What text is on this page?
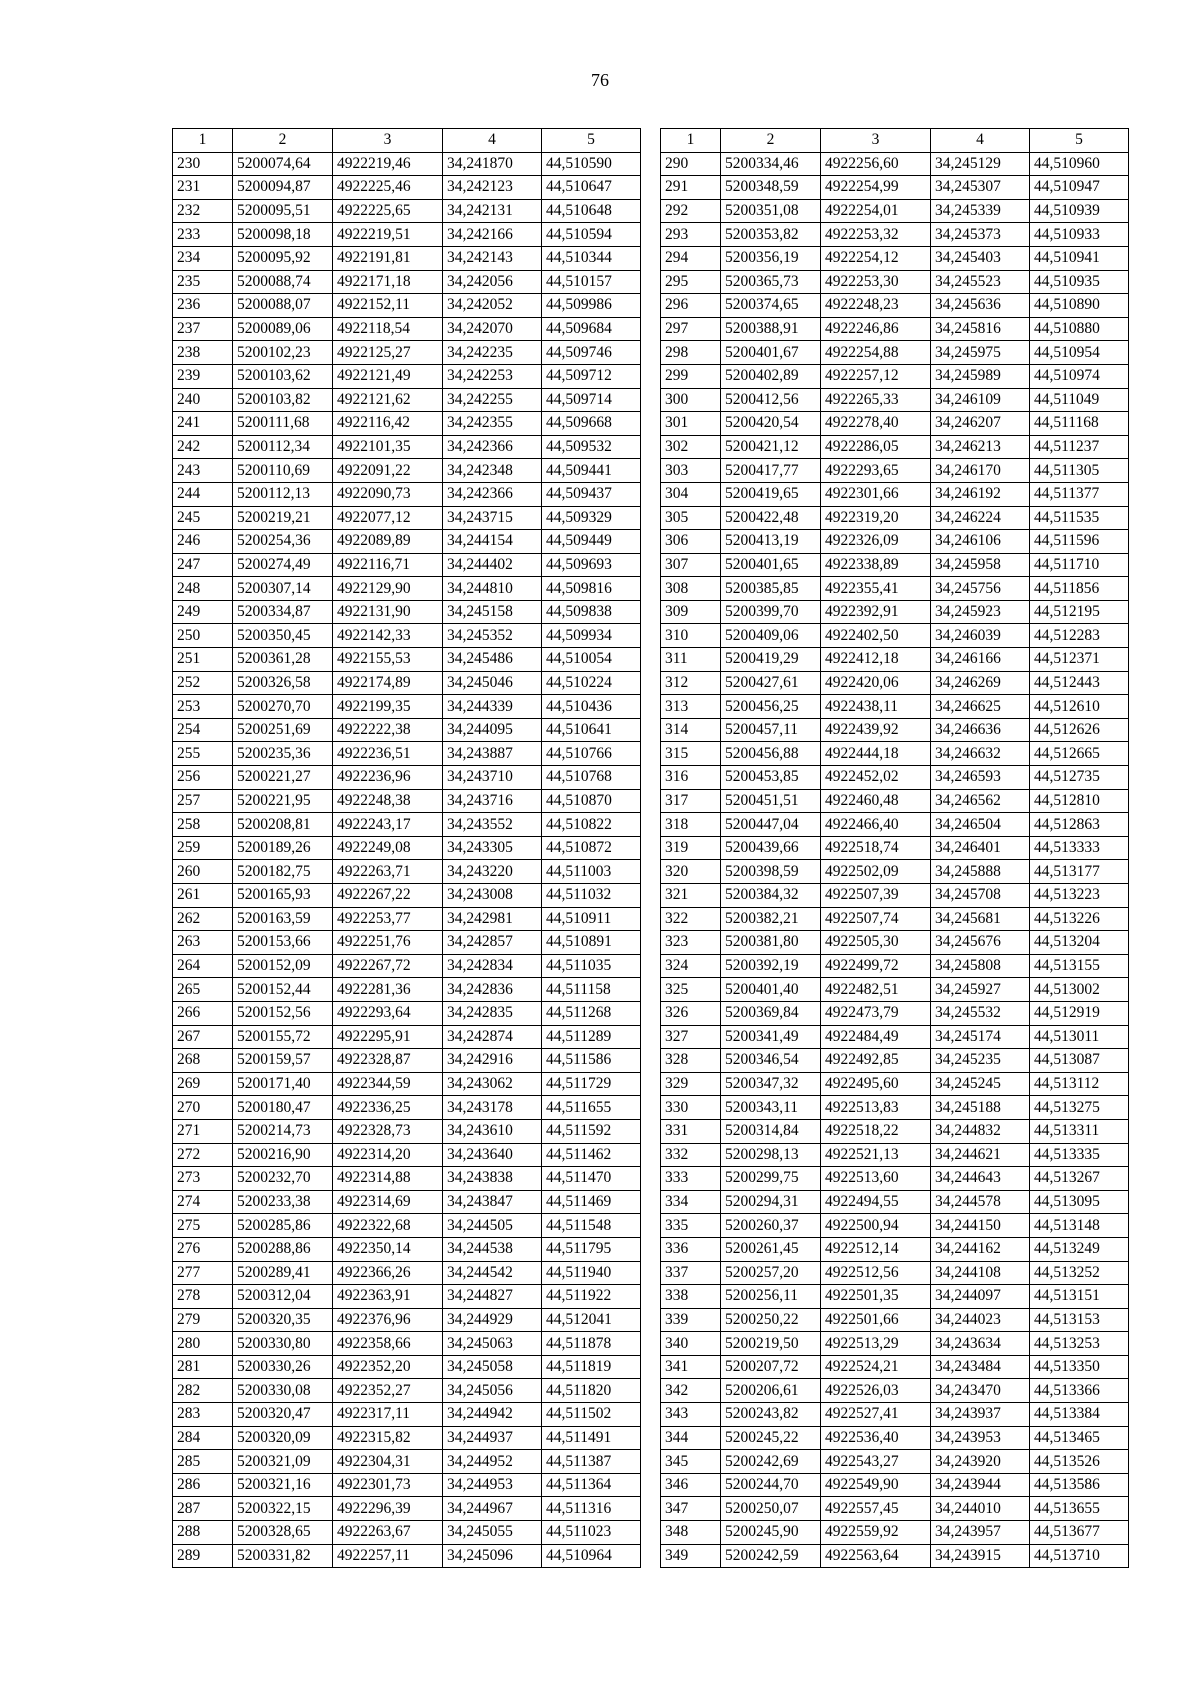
76
1	2	3	4	5
230	5200074,64	4922219,46	34,241870	44,510590
231	5200094,87	4922225,46	34,242123	44,510647
232	5200095,51	4922225,65	34,242131	44,510648
233	5200098,18	4922219,51	34,242166	44,510594
234	5200095,92	4922191,81	34,242143	44,510344
235	5200088,74	4922171,18	34,242056	44,510157
236	5200088,07	4922152,11	34,242052	44,509986
237	5200089,06	4922118,54	34,242070	44,509684
238	5200102,23	4922125,27	34,242235	44,509746
239	5200103,62	4922121,49	34,242253	44,509712
240	5200103,82	4922121,62	34,242255	44,509714
241	5200111,68	4922116,42	34,242355	44,509668
242	5200112,34	4922101,35	34,242366	44,509532
243	5200110,69	4922091,22	34,242348	44,509441
244	5200112,13	4922090,73	34,242366	44,509437
245	5200219,21	4922077,12	34,243715	44,509329
246	5200254,36	4922089,89	34,244154	44,509449
247	5200274,49	4922116,71	34,244402	44,509693
248	5200307,14	4922129,90	34,244810	44,509816
249	5200334,87	4922131,90	34,245158	44,509838
250	5200350,45	4922142,33	34,245352	44,509934
251	5200361,28	4922155,53	34,245486	44,510054
252	5200326,58	4922174,89	34,245046	44,510224
253	5200270,70	4922199,35	34,244339	44,510436
254	5200251,69	4922222,38	34,244095	44,510641
255	5200235,36	4922236,51	34,243887	44,510766
256	5200221,27	4922236,96	34,243710	44,510768
257	5200221,95	4922248,38	34,243716	44,510870
258	5200208,81	4922243,17	34,243552	44,510822
259	5200189,26	4922249,08	34,243305	44,510872
260	5200182,75	4922263,71	34,243220	44,511003
261	5200165,93	4922267,22	34,243008	44,511032
262	5200163,59	4922253,77	34,242981	44,510911
263	5200153,66	4922251,76	34,242857	44,510891
264	5200152,09	4922267,72	34,242834	44,511035
265	5200152,44	4922281,36	34,242836	44,511158
266	5200152,56	4922293,64	34,242835	44,511268
267	5200155,72	4922295,91	34,242874	44,511289
268	5200159,57	4922328,87	34,242916	44,511586
269	5200171,40	4922344,59	34,243062	44,511729
270	5200180,47	4922336,25	34,243178	44,511655
271	5200214,73	4922328,73	34,243610	44,511592
272	5200216,90	4922314,20	34,243640	44,511462
273	5200232,70	4922314,88	34,243838	44,511470
274	5200233,38	4922314,69	34,243847	44,511469
275	5200285,86	4922322,68	34,244505	44,511548
276	5200288,86	4922350,14	34,244538	44,511795
277	5200289,41	4922366,26	34,244542	44,511940
278	5200312,04	4922363,91	34,244827	44,511922
279	5200320,35	4922376,96	34,244929	44,512041
280	5200330,80	4922358,66	34,245063	44,511878
281	5200330,26	4922352,20	34,245058	44,511819
282	5200330,08	4922352,27	34,245056	44,511820
283	5200320,47	4922317,11	34,244942	44,511502
284	5200320,09	4922315,82	34,244937	44,511491
285	5200321,09	4922304,31	34,244952	44,511387
286	5200321,16	4922301,73	34,244953	44,511364
287	5200322,15	4922296,39	34,244967	44,511316
288	5200328,65	4922263,67	34,245055	44,511023
289	5200331,82	4922257,11	34,245096	44,510964
1	2	3	4	5
290	5200334,46	4922256,60	34,245129	44,510960
291	5200348,59	4922254,99	34,245307	44,510947
292	5200351,08	4922254,01	34,245339	44,510939
293	5200353,82	4922253,32	34,245373	44,510933
294	5200356,19	4922254,12	34,245403	44,510941
295	5200365,73	4922253,30	34,245523	44,510935
296	5200374,65	4922248,23	34,245636	44,510890
297	5200388,91	4922246,86	34,245816	44,510880
298	5200401,67	4922254,88	34,245975	44,510954
299	5200402,89	4922257,12	34,245989	44,510974
300	5200412,56	4922265,33	34,246109	44,511049
301	5200420,54	4922278,40	34,246207	44,511168
302	5200421,12	4922286,05	34,246213	44,511237
303	5200417,77	4922293,65	34,246170	44,511305
304	5200419,65	4922301,66	34,246192	44,511377
305	5200422,48	4922319,20	34,246224	44,511535
306	5200413,19	4922326,09	34,246106	44,511596
307	5200401,65	4922338,89	34,245958	44,511710
308	5200385,85	4922355,41	34,245756	44,511856
309	5200399,70	4922392,91	34,245923	44,512195
310	5200409,06	4922402,50	34,246039	44,512283
311	5200419,29	4922412,18	34,246166	44,512371
312	5200427,61	4922420,06	34,246269	44,512443
313	5200456,25	4922438,11	34,246625	44,512610
314	5200457,11	4922439,92	34,246636	44,512626
315	5200456,88	4922444,18	34,246632	44,512665
316	5200453,85	4922452,02	34,246593	44,512735
317	5200451,51	4922460,48	34,246562	44,512810
318	5200447,04	4922466,40	34,246504	44,512863
319	5200439,66	4922518,74	34,246401	44,513333
320	5200398,59	4922502,09	34,245888	44,513177
321	5200384,32	4922507,39	34,245708	44,513223
322	5200382,21	4922507,74	34,245681	44,513226
323	5200381,80	4922505,30	34,245676	44,513204
324	5200392,19	4922499,72	34,245808	44,513155
325	5200401,40	4922482,51	34,245927	44,513002
326	5200369,84	4922473,79	34,245532	44,512919
327	5200341,49	4922484,49	34,245174	44,513011
328	5200346,54	4922492,85	34,245235	44,513087
329	5200347,32	4922495,60	34,245245	44,513112
330	5200343,11	4922513,83	34,245188	44,513275
331	5200314,84	4922518,22	34,244832	44,513311
332	5200298,13	4922521,13	34,244621	44,513335
333	5200299,75	4922513,60	34,244643	44,513267
334	5200294,31	4922494,55	34,244578	44,513095
335	5200260,37	4922500,94	34,244150	44,513148
336	5200261,45	4922512,14	34,244162	44,513249
337	5200257,20	4922512,56	34,244108	44,513252
338	5200256,11	4922501,35	34,244097	44,513151
339	5200250,22	4922501,66	34,244023	44,513153
340	5200219,50	4922513,29	34,243634	44,513253
341	5200207,72	4922524,21	34,243484	44,513350
342	5200206,61	4922526,03	34,243470	44,513366
343	5200243,82	4922527,41	34,243937	44,513384
344	5200245,22	4922536,40	34,243953	44,513465
345	5200242,69	4922543,27	34,243920	44,513526
346	5200244,70	4922549,90	34,243944	44,513586
347	5200250,07	4922557,45	34,244010	44,513655
348	5200245,90	4922559,92	34,243957	44,513677
349	5200242,59	4922563,64	34,243915	44,513710
